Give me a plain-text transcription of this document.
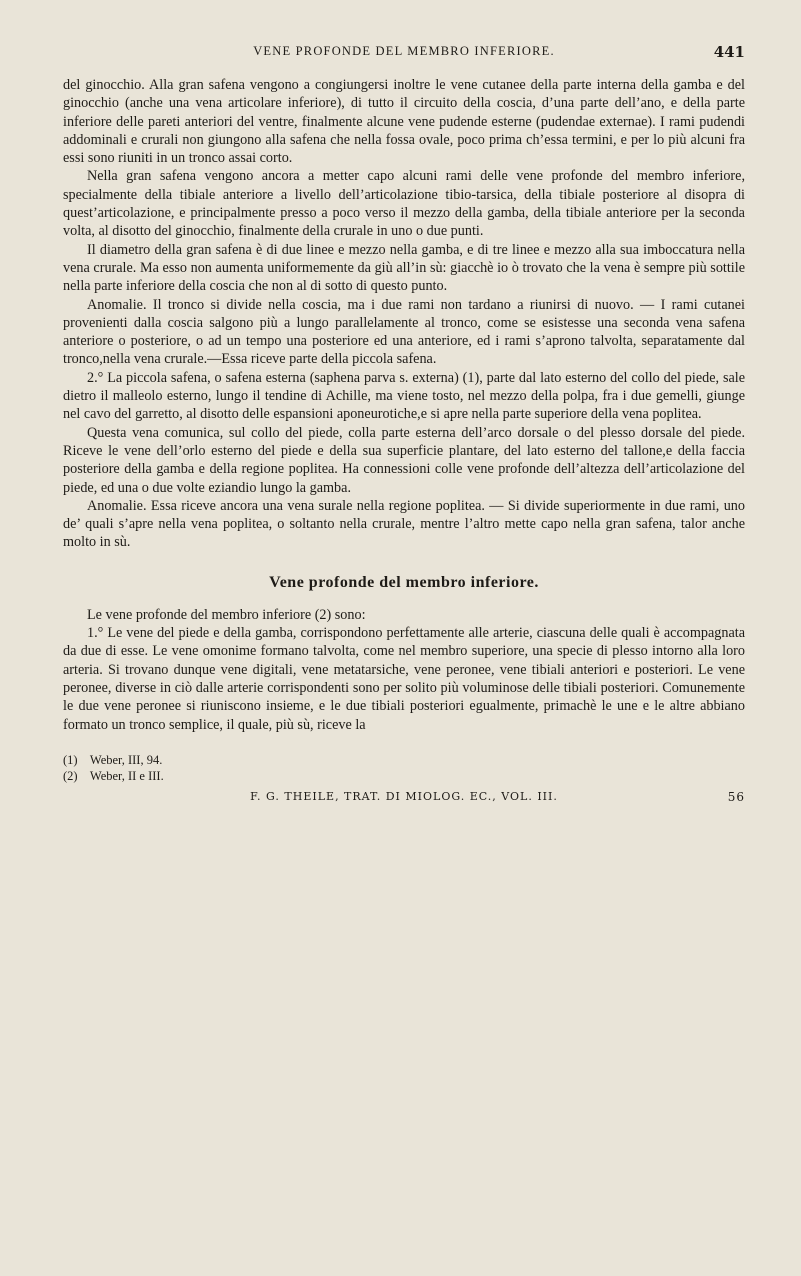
VENE PROFONDE DEL MEMBRO INFERIORE.	441

del ginocchio. Alla gran safena vengono a congiungersi inoltre le vene cutanee della parte interna della gamba e del ginocchio (anche una vena articolare inferiore), di tutto il circuito della coscia, d’una parte dell’ano, e della parte inferiore delle pareti anteriori del ventre, finalmente alcune vene pudende esterne (pudendae externae). I rami pudendi addominali e crurali non giungono alla safena che nella fossa ovale, poco prima ch’essa termini, e per lo più alcuni fra essi sono riuniti in un tronco assai corto.

Nella gran safena vengono ancora a metter capo alcuni rami delle vene profonde del membro inferiore, specialmente della tibiale anteriore a livello dell’articolazione tibio-tarsica, della tibiale posteriore al disopra di quest’articolazione, e principalmente presso a poco verso il mezzo della gamba, della tibiale anteriore per la seconda volta, al disotto del ginocchio, finalmente della crurale in uno o due punti.

Il diametro della gran safena è di due linee e mezzo nella gamba, e di tre linee e mezzo alla sua imboccatura nella vena crurale. Ma esso non aumenta uniformemente da giù all’in sù: giacchè io ò trovato che la vena è sempre più sottile nella parte inferiore della coscia che non al di sotto di questo punto.

Anomalie. Il tronco si divide nella coscia, ma i due rami non tardano a riunirsi di nuovo. — I rami cutanei provenienti dalla coscia salgono più a lungo parallelamente al tronco, come se esistesse una seconda vena safena anteriore o posteriore, o ad un tempo una posteriore ed una anteriore, ed i rami s’aprono talvolta, separatamente dal tronco,nella vena crurale.—Essa riceve parte della piccola safena.

2.° La piccola safena, o safena esterna (saphena parva s. externa) (1), parte dal lato esterno del collo del piede, sale dietro il malleolo esterno, lungo il tendine di Achille, ma viene tosto, nel mezzo della polpa, fra i due gemelli, giunge nel cavo del garretto, al disotto delle espansioni aponeurotiche,e si apre nella parte superiore della vena poplitea.

Questa vena comunica, sul collo del piede, colla parte esterna dell’arco dorsale o del plesso dorsale del piede. Riceve le vene dell’orlo esterno del piede e della sua superficie plantare, del lato esterno del tallone,e della faccia posteriore della gamba e della regione poplitea. Ha connessioni colle vene profonde dell’altezza dell’articolazione del piede, ed una o due volte eziandio lungo la gamba.

Anomalie. Essa riceve ancora una vena surale nella regione poplitea. — Si divide superiormente in due rami, uno de’ quali s’apre nella vena poplitea, o soltanto nella crurale, mentre l’altro mette capo nella gran safena, talor anche molto in sù.

Vene profonde del membro inferiore.

Le vene profonde del membro inferiore (2) sono:

1.° Le vene del piede e della gamba, corrispondono perfettamente alle arterie, ciascuna delle quali è accompagnata da due di esse. Le vene omonime formano talvolta, come nel membro superiore, una specie di plesso intorno alla loro arteria. Si trovano dunque vene digitali, vene metatarsiche, vene peronee, vene tibiali anteriori e posteriori. Le vene peronee, diverse in ciò dalle arterie corrispondenti sono per solito più voluminose delle tibiali posteriori. Comunemente le due vene peronee si riuniscono insieme, e le due tibiali posteriori egualmente, primachè le une e le altre abbiano formato un tronco semplice, il quale, più sù, riceve la

(1) Weber, III, 94.
(2) Weber, II e III.
F. G. THEILE, TRAT. DI MIOLOG. EC., VOL. III.	56
